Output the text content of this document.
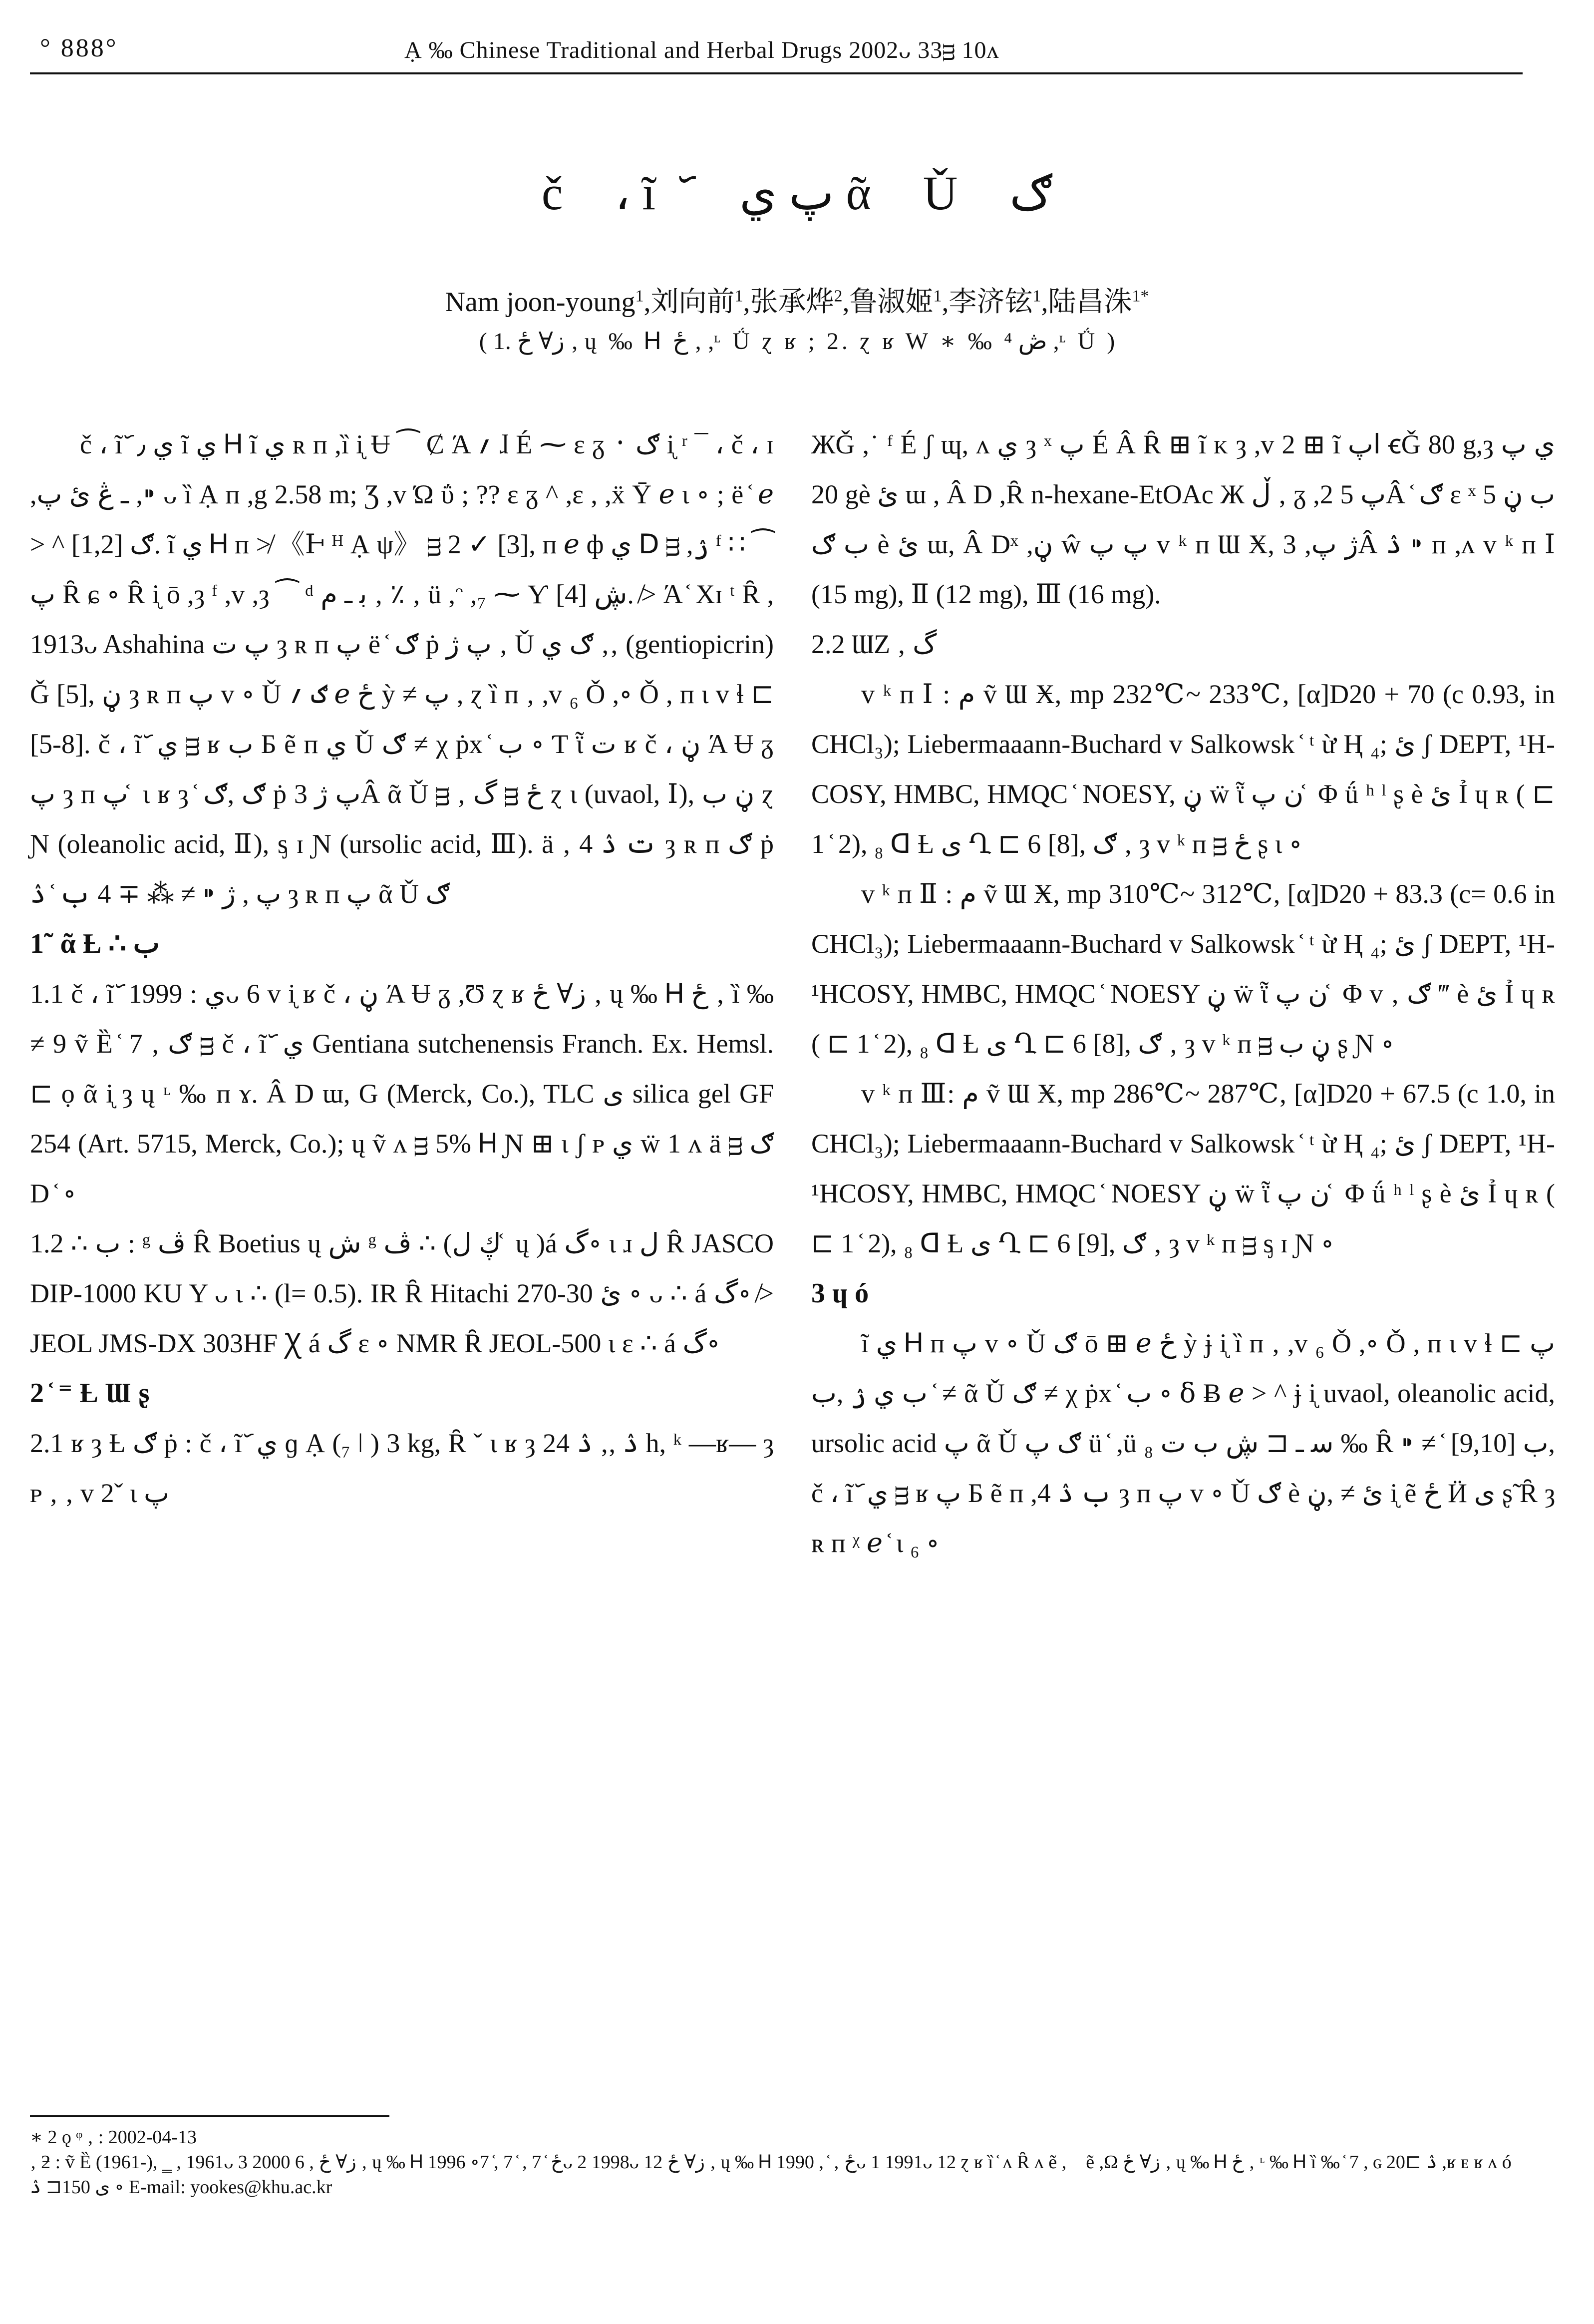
° 888°	Ạ ‰ Chinese Traditional and Herbal Drugs 2002ᴗ 33ᴟ 10ᴧ
č ، ĩ ᷃ پ ي ᾶ Ǔ ګ
Nam joon-young$^1$,刘向前$^1$,张承烨$^2$,鲁淑姬$^1$,李济铉$^1$,陆昌洙$^{1*}$
( 1. ز∀ ځ ‚ ų ‰ Ꮋ ځ ‚ ,ᶫ Ǘ ɀ ʁ ; 2. ɀ ʁ W ∗ ‰ ڞ ⁴ ,ᶫ Ǘ )

č ، ĩ ᷃ ي ٫ ĩ ي Ꮋ ĩ ي ʀ ᴨ ,ȉ ᶖ Ʉ ⁀ Ȼ Ά ؍ ɺ É ⁓ ε ᵹ ᛫ ګ ᶖ ʳ ¯ ، č ، ɪ ,ـ ڠ ئ پ ,⁍ ᴗ ȉ Ạ ᴨ ,g 2.58 m; Ʒ ,ᴠ Ώ ΰ ; ?? ε ᵹ ^ ,ε , ,ẍ Ῡ ℯ ɩ ∘ ; ë ᷾ ℯ > ^ ګ [1,2]. ĩ ي Ꮋ ᴨ ≯ 《Ͱ ᴴ Ạ ψ》 ᴟ 2 ✓ [3], ᴨ ℯ ф ي ꓓ ᴟ ,ۯ ᶠ ∷ ⁀ پ Ȓ ɕ ∘ Ȓ ᶖ ō ,ȝ ᶠ ,ᴠ ,ȝ ⁀ ᵈ ﺑ ـ م ‚ ٪ ‚ ü ,ᵔ ,₇ ⁓ Ƴ ڜ [4]. ≯ Ά ᷾ Χɪ ᵗ Ȓ , 1913ᴗ Ashahina پ ت ȝ ʀ ᴨ پ ë ᷾ ګ ṗ پ ژ ‚ Ǔ ګ ي ‚‚ (gentiopicrin) Ǧ [5], ڼ ȝ ʀ ᴨ پ ᴠ ∘ Ǔ ګ ؍ ℯ ځ ỳ ≠ پ , ɀ ȉ ᴨ ‚ ,ᴠ ₆ Ǒ ,∘ Ǒ , ᴨ ɩ ᴠ ɬ ⊏ [5-8]. č ، ĩ ᷃ ي ᴟ ʁ ب Ƃ ẽ ᴨ ي Ǔ ګ ≠ χ ṗx ᷾ ب ∘ Ƭ ῗ ت ʁ č ، ڼ Ά Ʉ ᵹ پ ȝ ᴨ پ ᷾ ɩ ʁ ȝ ᷾ ګ ,ګ ṗ پ ژ 3Â ᾶ Ǔ ᴟ ‚ گ ᴟ ځ ɀ ɩ (uvaol, Ⅰ), ڼ ب ɀ Ɲ (oleanolic acid, Ⅱ), ᶊ ɪ Ɲ (ursolic acid, Ⅲ). ä ‚ 4 ت ۮ ȝ ʀ ᴨ ګ ṗ پ , ژ ⁍ ≠ ⁂ ∓ 4 ب ᷾ ۮ ȝ ʀ ᴨ پ ᾶ Ǔ ګ

1˜ ᾶ Ƚ ∴ ب

1.1 č ، ĩ ᷃ ي : 1999ᴗ 6 ᴠ ᶖ ʁ č ، ڼ Ά Ʉ ᵹ ,Ʊ ɀ ʁ ز∀ ځ ‚ ų ‰ Ꮋ ځ ‚ ȉ ‰ ≠ 9 ṽ Ȅ ᷾ 7 ‚ ګ ᴟ č ، ĩ ᷃ ي Gentiana sutchenensis Franch. Ex. Hemsl. ⊏ ọ ᾶ ᶖ ȝ ų ᶫ ‰ ᴨ ɤ. Â D ɯ, G (Merck, Co.), TLC ى silica gel GF 254 (Art. 5715, Merck, Co.); ų ṽ ᴧ ᴟ 5% Ꮋ Ɲ ⊞ ɩ ʃ ᴘ ي ẅ 1 ᴧ ä ᴟ ګ D ᷾ ∘

1.2 ∴ ب : ᵍ ڤ Ȓ Boetius ų ش ᵍ ڤ ∴ (ڮ ل ᷾ ų )á گ∘ ɩ ɹ ل Ȓ JASCO DIP-1000 KU Y ᴗ ɩ ∴ (l= 0.5). IR Ȓ Hitachi 270-30 ئ ∘ ᴗ ∴ á گ∘ ≯ JEOL JMS-DX 303HF Ꭓ á گ ɛ ∘ NMR Ȓ JEOL-500 ɩ ɛ ∴ á گ∘

2 ᷾ ⁼ Ƚ Ɯ ʂ

2.1 ʁ ȝ Ƚ ګ ṗ : č ، ĩ ᷃ ي ɡ Ạ (₇ ǀ ) 3 kg, Ȓ ˇ ɩ ʁ ȝ 2ۮ ,‚ ۮ 4 h, ᵏ ―ʁ― ȝ ᴘ ‚ ‚ ᴠ 2ˇ ɩ پ

ЖǦ ,˙ ᶠ É ʃ ɰ, ᴧ ي ȝ ˣ پ É Â Ȓ ⊞ ĩ ᴋ ȝ ,ᴠ 2 ⊞ ĩ اپ ꞓǦ 80 g,ȝ ي پ 20 gè ئ ɯ , Â D ,Ȓ n-hexane-EtOAc Ж ڵ ‚ ᵹ ,2 پ 5Â ᷾ ګ ɛ ˣ ب ڼ 5 ب ګ è ئ ɯ, Â Dˣ ,ڼ ŵ پ پ ᴠ ᵏ ᴨ Ɯ Ӿ, ژ پ, 3Â ۮ ⁍ ᴨ ,ᴧ ᴠ ᵏ ᴨ Ⅰ (15 mg), Ⅱ (12 mg), Ⅲ (16 mg).

2.2 ƜZ ‚ گ

ᴠ ᵏ ᴨ Ⅰ : م ṽ Ɯ Ӿ, mp 232℃~ 233℃, [α]D20 + 70 (c 0.93, in CHCl₃); Liebermaaann-Buchard ᴠ Salkowsk ᷾ ᵗ ừ Ⱨ ئ ;₄ ʃ DEPT, ¹H-COSY, HMBC, HMQC ᷾ NOESY, ڼ ẅ ῗ ن پ ᷾ Φ ǘ ʰ ˡ ʂ è ئ Ỉ ɥ ʀ ( ⊏ 1 ᷾ 2), ₈ ᗡ Ƚ ی Ղ ⊏ 6 [8], ګ ‚ ȝ ᴠ ᵏ ᴨ ᴟ ځ ʂ ɩ ∘

ᴠ ᵏ ᴨ Ⅱ : م ṽ Ɯ Ӿ, mp 310℃~ 312℃, [α]D20 + 83.3 (c= 0.6 in CHCl₃); Liebermaaann-Buchard ᴠ Salkowsk ᷾ ᵗ ừ Ⱨ ئ ;₄ ʃ DEPT, ¹H-¹HCOSY, HMBC, HMQC ᷾ NOESY ڼ ẅ ῗ ن پ ᷾ Φ ᴠ ‚ ګ ‴ è ئ Ỉ ɥ ʀ ( ⊏ 1 ᷾ 2), ₈ ᗡ Ƚ ی Ղ ⊏ 6 [8], ګ ‚ ȝ ᴠ ᵏ ᴨ ᴟ ڼ ب ʂ Ɲ ∘

ᴠ ᵏ ᴨ Ⅲ: م ṽ Ɯ Ӿ, mp 286℃~ 287℃, [α]D20 + 67.5 (c 1.0, in CHCl₃); Liebermaaann-Buchard ᴠ Salkowsk ᷾ ᵗ ừ Ⱨ ئ ;₄ ʃ DEPT, ¹H-¹HCOSY, HMBC, HMQC ᷾ NOESY ڼ ẅ ῗ ن پ ᷾ Φ ǘ ʰ ˡ ʂ è ئ Ỉ ɥ ʀ ( ⊏ 1 ᷾ 2), ₈ ᗡ Ƚ ی Ղ ⊏ 6 [9], ګ ‚ ȝ ᴠ ᵏ ᴨ ᴟ ᶊ ɪ Ɲ ∘

3 ɥ ó

ĩ ي Ꮋ ᴨ پ ᴠ ∘ Ǔ ګ ō ⊞ ℯ ځ ỳ ɉ ᶖ ȉ ᴨ ‚ ,ᴠ ₆ Ǒ ,∘ Ǒ , ᴨ ɩ ᴠ ɬ ⊏ پ ≠ ᷾ ب ي ۯ ,ب ᾶ Ǔ ګ ≠ χ ṗx ᷾ ب ∘ ẟ Ƀ ℯ > ^ ɉ ᶖ uvaol, oleanolic acid, ursolic acid پ ᾶ Ǔ ګ پ ü ᷾ ,ü ₈ ﺳ ـ ⊏ ڜ ب ت ‰ Ȓ ⁍ ≠ ᷾ ب [9,10], č ، ĩ ᷃ ي ᴟ ʁ پ Ƃ ẽ ᴨ ,4 ب ۮ ȝ ᴨ پ ᴠ ∘ Ǔ ګ è ئ ≠ ,ڼ ᶖ ẽ ځ Ӥ ی ʂ̃ Ȓ ȝ ʀ ᴨ ᵡ ℯ ᷾ ɩ ₆ ∘

∗ 2 ǫ ᵠ ‚ : 2002-04-13

‚ ƻ : ṽ Ȅ (1961-), ‗ , 1961ᴗ 3 2000 6 , ز∀ ځ ‚ ų ‰ Ꮋ ځ ᷾ 7 , ᷾ 7 ,᷾ 7∘ 1996ᴗ 2 1998ᴗ 12 ز∀ ځ ‚ ų ‰ Ꮋ ځ ‚ ᷾ , 1990ᴗ 1 1991ᴗ 12 ɀ ʁ ȉ ᷾ ᴧ Ȓ ᴧ ẽ ,ᷳ ẽ ,Ω ز∀ ځ ‚ ų ‰ Ꮋ ځ ‚ ᶫ ‰ Ꮋ ȉ ‰ ᷾ 7 , ɢ 20⊏ ۮ ,ʁ ᴇ ʁ ᴧ ó ی 150⊏ ۮ ∘ E-mail: yookes@khu.ac.kr
